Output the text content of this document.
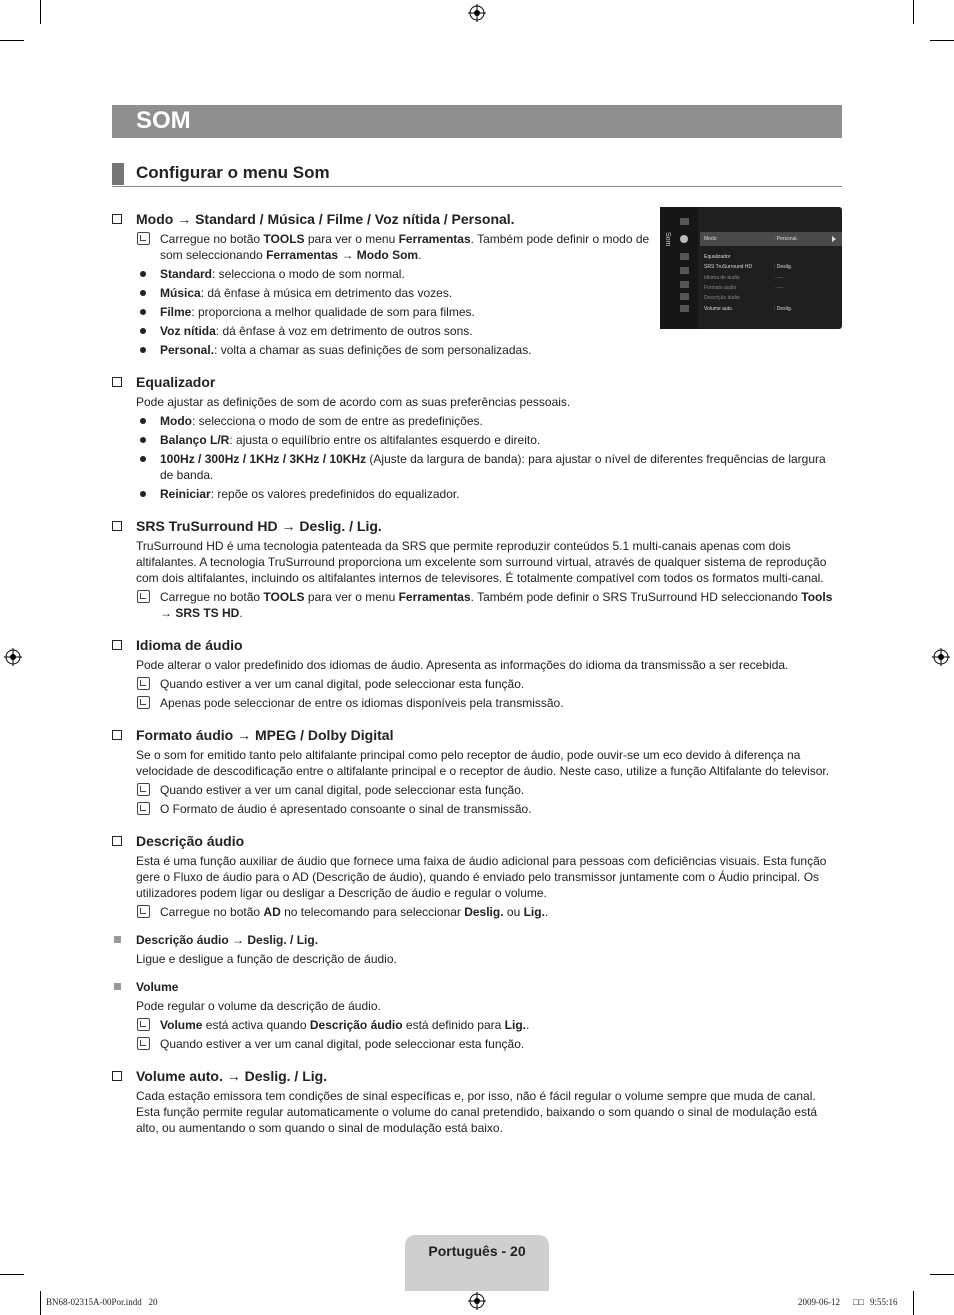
SOM
Configurar o menu Som
Som	Modo	: Personal.
Equalizador
SRS TruSurround HD	: Deslig.
Idioma de áudio	: ----
Formato áudio	: ----
Descrição áudio
Volume auto.	: Deslig.
Modo → Standard / Música / Filme / Voz nítida / Personal.
Carregue no botão TOOLS para ver o menu Ferramentas. Também pode definir o modo de som seleccionando Ferramentas → Modo Som.
Standard: selecciona o modo de som normal.
Música: dá ênfase à música em detrimento das vozes.
Filme: proporciona a melhor qualidade de som para filmes.
Voz nítida: dá ênfase à voz em detrimento de outros sons.
Personal.: volta a chamar as suas definições de som personalizadas.
Equalizador
Pode ajustar as definições de som de acordo com as suas preferências pessoais.
Modo: selecciona o modo de som de entre as predefinições.
Balanço L/R: ajusta o equilíbrio entre os altifalantes esquerdo e direito.
100Hz / 300Hz / 1KHz / 3KHz / 10KHz (Ajuste da largura de banda): para ajustar o nível de diferentes frequências de largura de banda.
Reiniciar: repõe os valores predefinidos do equalizador.
SRS TruSurround HD → Deslig. / Lig.
TruSurround HD é uma tecnologia patenteada da SRS que permite reproduzir conteúdos 5.1 multi-canais apenas com dois altifalantes. A tecnologia TruSurround proporciona um excelente som surround virtual, através de qualquer sistema de reprodução com dois altifalantes, incluindo os altifalantes internos de televisores. É totalmente compatível com todos os formatos multi-canal.
Carregue no botão TOOLS para ver o menu Ferramentas. Também pode definir o SRS TruSurround HD seleccionando Tools → SRS TS HD.
Idioma de áudio
Pode alterar o valor predefinido dos idiomas de áudio. Apresenta as informações do idioma da transmissão a ser recebida.
Quando estiver a ver um canal digital, pode seleccionar esta função.
Apenas pode seleccionar de entre os idiomas disponíveis pela transmissão.
Formato áudio → MPEG / Dolby Digital
Se o som for emitido tanto pelo altifalante principal como pelo receptor de áudio, pode ouvir-se um eco devido à diferença na velocidade de descodificação entre o altifalante principal e o receptor de áudio. Neste caso, utilize a função Altifalante do televisor.
Quando estiver a ver um canal digital, pode seleccionar esta função.
O Formato de áudio é apresentado consoante o sinal de transmissão.
Descrição áudio
Esta é uma função auxiliar de áudio que fornece uma faixa de áudio adicional para pessoas com deficiências visuais. Esta função gere o Fluxo de áudio para o AD (Descrição de áudio), quando é enviado pelo transmissor juntamente com o Áudio principal. Os utilizadores podem ligar ou desligar a Descrição de áudio e regular o volume.
Carregue no botão AD no telecomando para seleccionar Deslig. ou Lig..
Descrição áudio → Deslig. / Lig.
Ligue e desligue a função de descrição de áudio.
Volume
Pode regular o volume da descrição de áudio.
Volume está activa quando Descrição áudio está definido para Lig..
Quando estiver a ver um canal digital, pode seleccionar esta função.
Volume auto. → Deslig. / Lig.
Cada estação emissora tem condições de sinal específicas e, por isso, não é fácil regular o volume sempre que muda de canal. Esta função permite regular automaticamente o volume do canal pretendido, baixando o som quando o sinal de modulação está alto, ou aumentando o som quando o sinal de modulação está baixo.
Português - 20
BN68-02315A-00Por.indd   20	2009-06-12 □□ 9:55:16
